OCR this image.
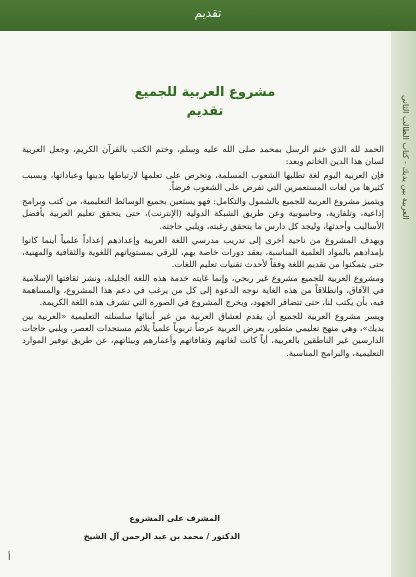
تقديم
العربية بين يديك - كتاب الطالب الثاني
مشروع العربية للجميع
تقديم

الحمد لله الذي ختم الرسل بمحمد صلى الله عليه وسلم، وختم الكتب بالقرآن الكريم، وجعل العربية لسان هذا الدين الخاتم وبعد:

فإن العربية اليوم لغة تطلبها الشعوب المسلمة، وتحرص على تعلمها لارتباطها بدينها وعباداتها، وبسبب كثيرها من لغات المستعمرين التي تفرض على الشعوب فرضاً.

ويتميز مشروع العربية للجميع بالشمول والتكامل: فهو يستعين بجميع الوسائط التعليمية، من كتب وبرامج إذاعية، وتلفازية، وحاسوبية وعن طريق الشبكة الدولية (الإنترنت)، حتى يتحقق تعليم العربية بأفضل الأساليب وأحدثها، وليجد كل دارس ما يتحقق رغبته، ويلبي حاجته.

ويهدف المشروع من ناحية أخرى إلى تدريب مدرسي اللغة العربية وإعدادهم إعداداً علمياً أينما كانوا بإمدادهم بالمواد العلمية المناسبة، بعقد دورات خاصة بهم، للرقي بمستوياتهم اللغوية والثقافية والمهنية، حتى يتمكنوا من تقديم اللغة وفقاً لأحدث تقنيات تعليم اللغات.

ومشروع العربية للجميع مشروع غير ربحي، وإنما غايته خدمة هذه اللغة الجليلة، ونشر ثقافتها الإسلامية في الآفاق، وانطلاقاً من هذه الغاية نوجه الدعوة إلى كل من يرغب في دعم هذا المشروع، والمساهمة فيه، بأن يكتب لنا، حتى تتضافر الجهود، ويخرج المشروع في الصورة التي تشرف هذه اللغة الكريمة.

ويسر مشروع العربية للجميع أن يقدم لعشاق العربية من غير أبنائها سلسلته التعليمية «العربية بين يديك»، وهي منهج تعليمي متطور، يعرض العربية عرضاً تربوياً علمياً يلائم مستجدات العصر، ويلبي حاجات الدارسين غير الناطقين بالعربية، أياً كانت لغاتهم وثقافاتهم وأعمارهم وبيئاتهم، عن طريق توفير الموارد التعليمية، والبرامج المناسبة.

المشرف على المشروع
الدكتور / محمد بن عبد الرحمن آل الشيخ
أ
